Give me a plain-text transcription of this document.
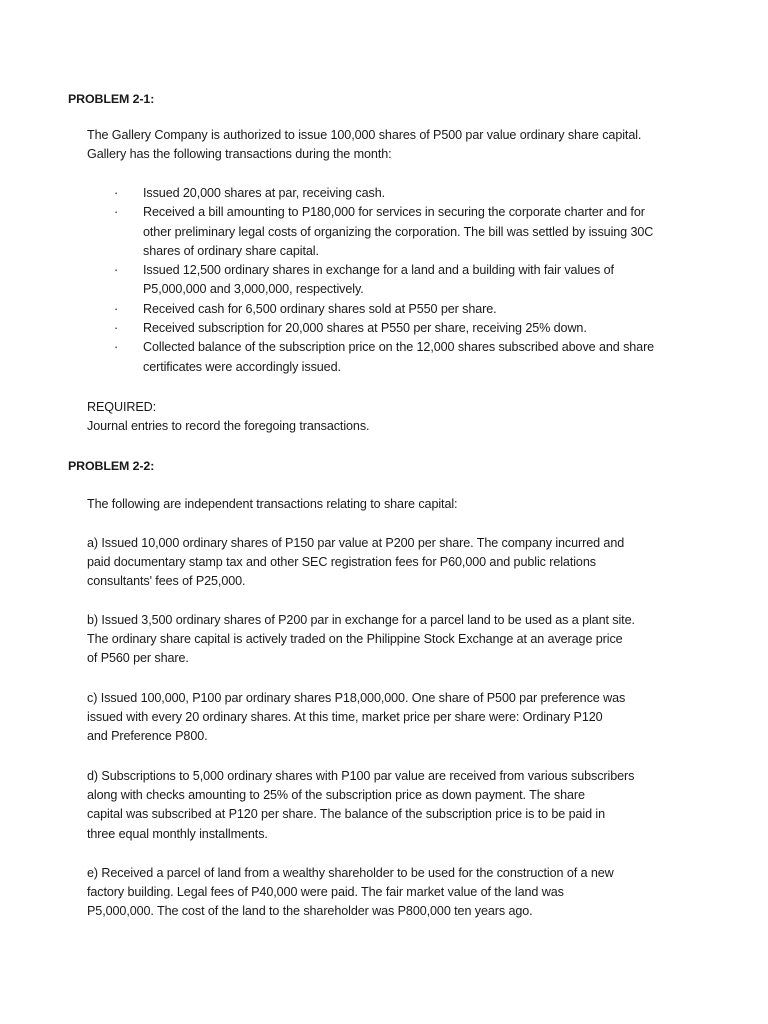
PROBLEM 2-1:
The Gallery Company is authorized to issue 100,000 shares of P500 par value ordinary share capital.
Gallery has the following transactions during the month:
· Issued 20,000 shares at par, receiving cash.
· Received a bill amounting to P180,000 for services in securing the corporate charter and for
other preliminary legal costs of organizing the corporation. The bill was settled by issuing 30C
shares of ordinary share capital.
· Issued 12,500 ordinary shares in exchange for a land and a building with fair values of
P5,000,000 and 3,000,000, respectively.
· Received cash for 6,500 ordinary shares sold at P550 per share.
· Received subscription for 20,000 shares at P550 per share, receiving 25% down.
· Collected balance of the subscription price on the 12,000 shares subscribed above and share
certificates were accordingly issued.
REQUIRED:
Journal entries to record the foregoing transactions.
PROBLEM 2-2:
The following are independent transactions relating to share capital:
a) Issued 10,000 ordinary shares of P150 par value at P200 per share. The company incurred and
paid documentary stamp tax and other SEC registration fees for P60,000 and public relations
consultants' fees of P25,000.
b) Issued 3,500 ordinary shares of P200 par in exchange for a parcel land to be used as a plant site.
The ordinary share capital is actively traded on the Philippine Stock Exchange at an average price
of P560 per share.
c) Issued 100,000, P100 par ordinary shares P18,000,000. One share of P500 par preference was
issued with every 20 ordinary shares. At this time, market price per share were: Ordinary P120
and Preference P800.
d) Subscriptions to 5,000 ordinary shares with P100 par value are received from various subscribers
along with checks amounting to 25% of the subscription price as down payment. The share
capital was subscribed at P120 per share. The balance of the subscription price is to be paid in
three equal monthly installments.
e) Received a parcel of land from a wealthy shareholder to be used for the construction of a new
factory building. Legal fees of P40,000 were paid. The fair market value of the land was
P5,000,000. The cost of the land to the shareholder was P800,000 ten years ago.
